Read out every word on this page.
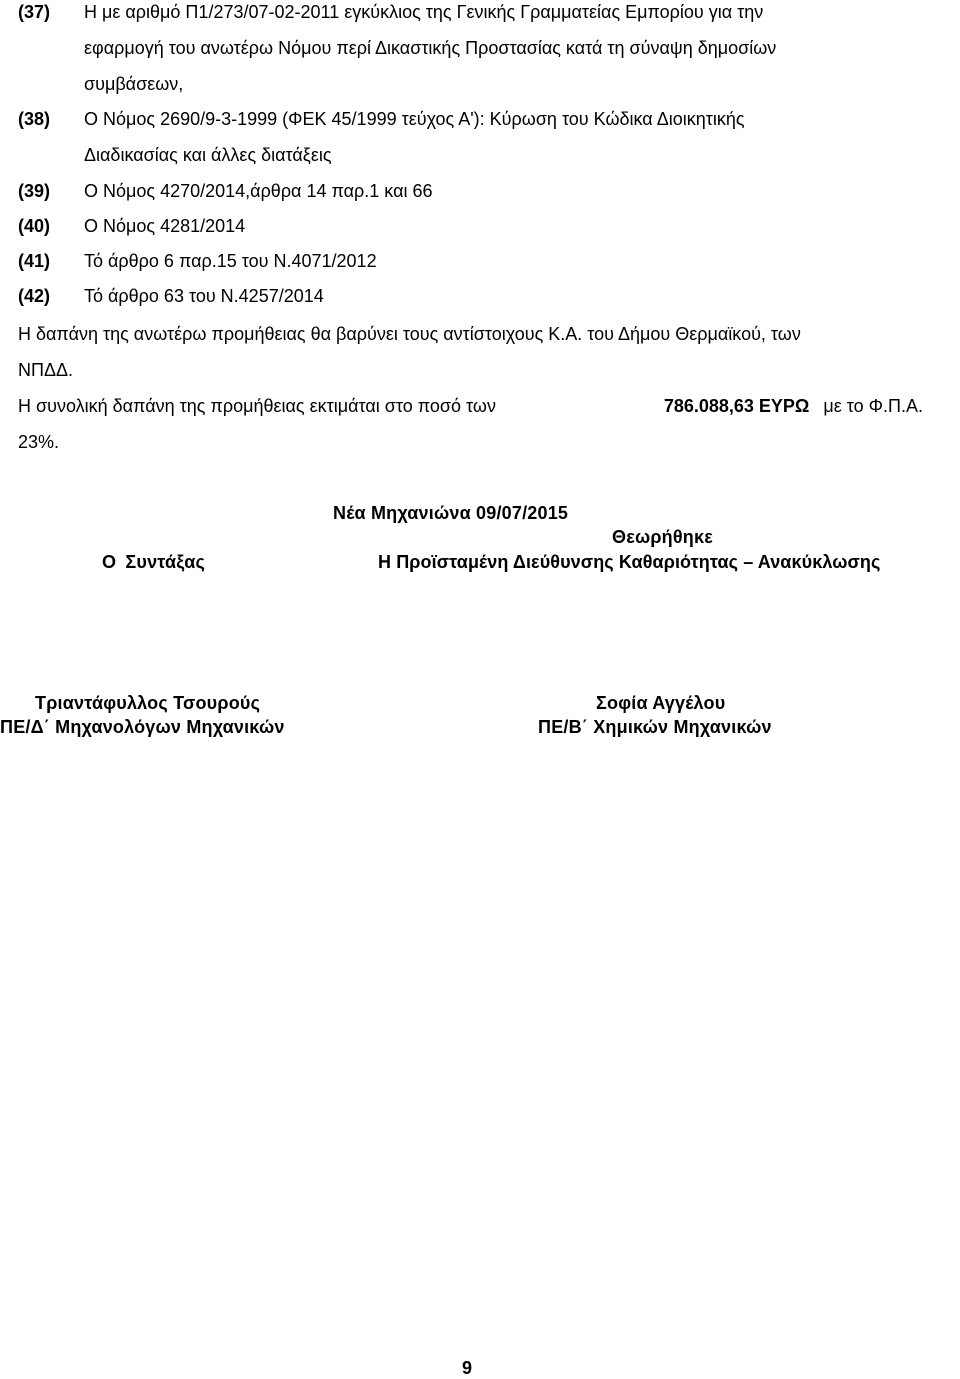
(37) Η με αριθμό Π1/273/07-02-2011 εγκύκλιος της Γενικής Γραμματείας Εμπορίου για την
εφαρμογή του ανωτέρω Νόμου περί Δικαστικής Προστασίας κατά τη σύναψη δημοσίων
συμβάσεων,
(38) Ο Νόμος 2690/9-3-1999 (ΦΕΚ 45/1999 τεύχος Α'): Κύρωση του Κώδικα Διοικητικής
Διαδικασίας και άλλες διατάξεις
(39) Ο Νόμος 4270/2014,άρθρα 14 παρ.1 και 66
(40) Ο Νόμος 4281/2014
(41) Τό άρθρο 6 παρ.15 του Ν.4071/2012
(42) Τό άρθρο 63 του Ν.4257/2014
Η δαπάνη της ανωτέρω προμήθειας θα βαρύνει τους αντίστοιχους Κ.Α. του Δήμου Θερμαϊκού, των
ΝΠΔΔ.
Η συνολική δαπάνη της προμήθειας εκτιμάται στο ποσό των	786.088,63 ΕΥΡΩ με το Φ.Π.Α.
23%.
Νέα Μηχανιώνα 09/07/2015
Θεωρήθηκε
Ο Συντάξας	Η Προϊσταμένη Διεύθυνσης Καθαριότητας – Ανακύκλωσης
Τριαντάφυλλος Τσουρούς
ΠΕ/Δ΄ Μηχανολόγων Μηχανικών
Σοφία Αγγέλου
ΠΕ/Β΄ Χημικών Μηχανικών
9
